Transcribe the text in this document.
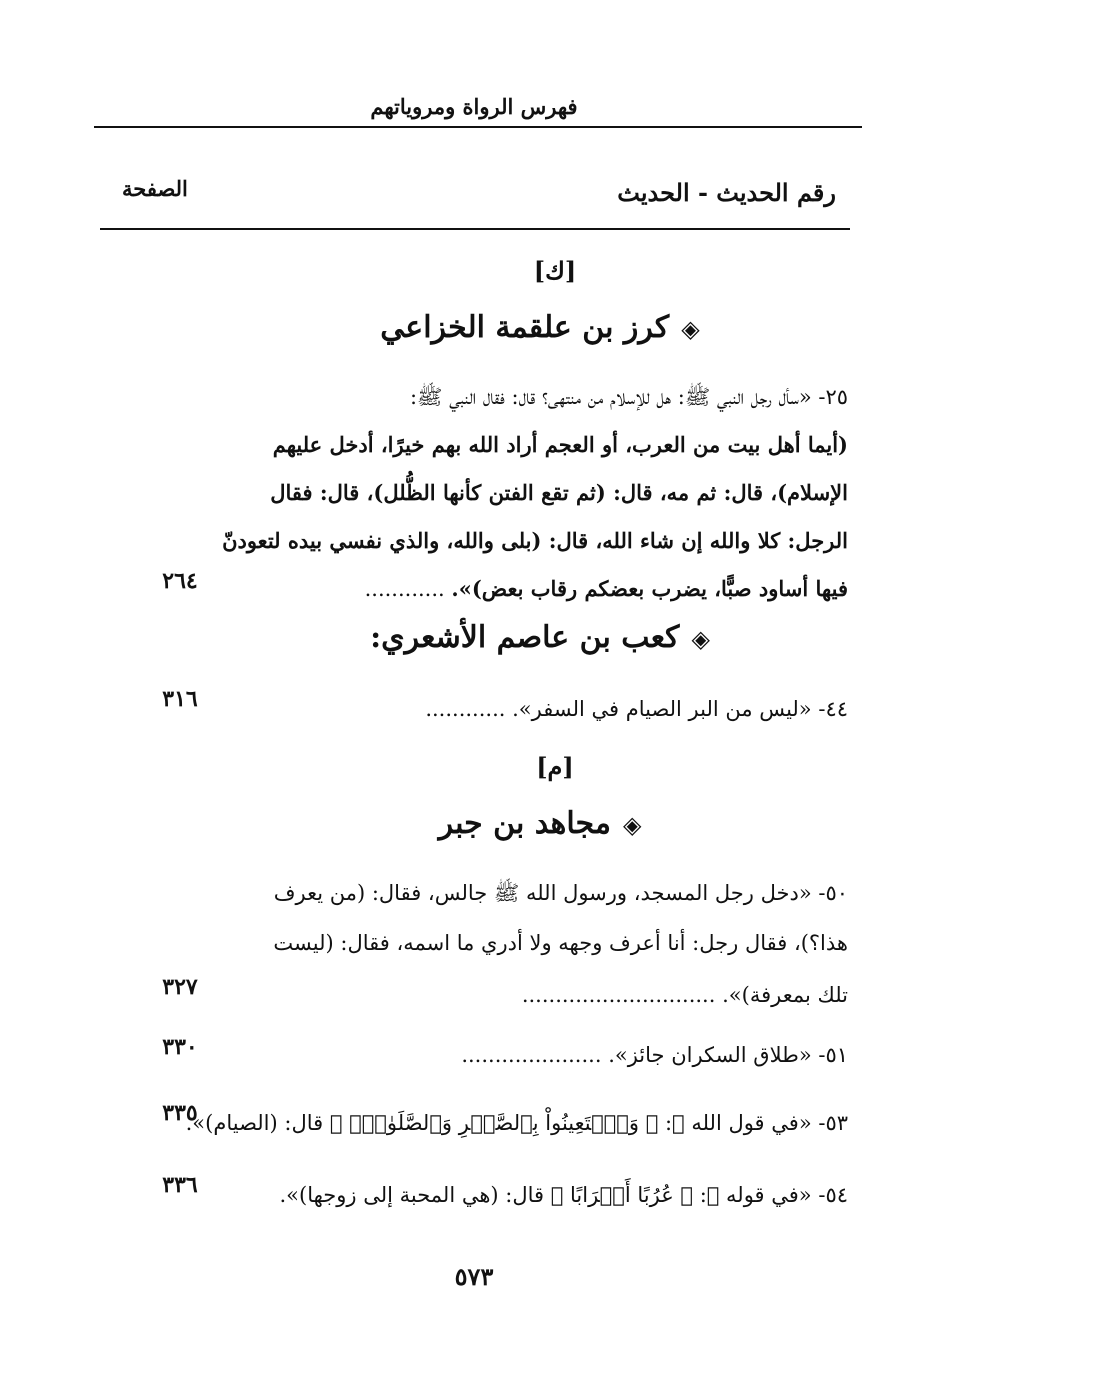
فهرس الرواة ومروياتهم
رقم الحديث - الحديث
الصفحة
[ك]
◈كرز بن علقمة الخزاعي
٢٥- «سأل رجل النبي ﷺ: هل للإسلام من منتهى؟ قال: فقال النبي ﷺ:
(أيما أهل بيت من العرب، أو العجم أراد الله بهم خيرًا، أدخل عليهم
الإسلام)، قال: ثم مه، قال: (ثم تقع الفتن كأنها الظُّلل)، قال: فقال
الرجل: كلا والله إن شاء الله، قال: (بلى والله، والذي نفسي بيده لتعودنّ
فيها أساود صبًّا، يضرب بعضكم رقاب بعض)». ............
٢٦٤
◈كعب بن عاصم الأشعري:
٤٤- «ليس من البر الصيام في السفر». ............
٣١٦
[م]
◈مجاهد بن جبر
٥٠- «دخل رجل المسجد، ورسول الله ﷺ جالس، فقال: (من يعرف
هذا؟)، فقال رجل: أنا أعرف وجهه ولا أدري ما اسمه، فقال: (ليست
تلك بمعرفة)». .............................
٣٢٧
٥١- «طلاق السكران جائز». .....................
٣٣٠
٥٣- «في قول الله ﷻ: ﴿ وَٱسۡتَعِينُواْ بِٱلصَّبۡرِ وَٱلصَّلَوٰةِۚ ﴾ قال: (الصيام)».
٣٣٥
٥٤- «في قوله ﷻ: ﴿ عُرُبًا أَتۡرَابًا ﴾ قال: (هي المحبة إلى زوجها)».
٣٣٦
٥٧٣
